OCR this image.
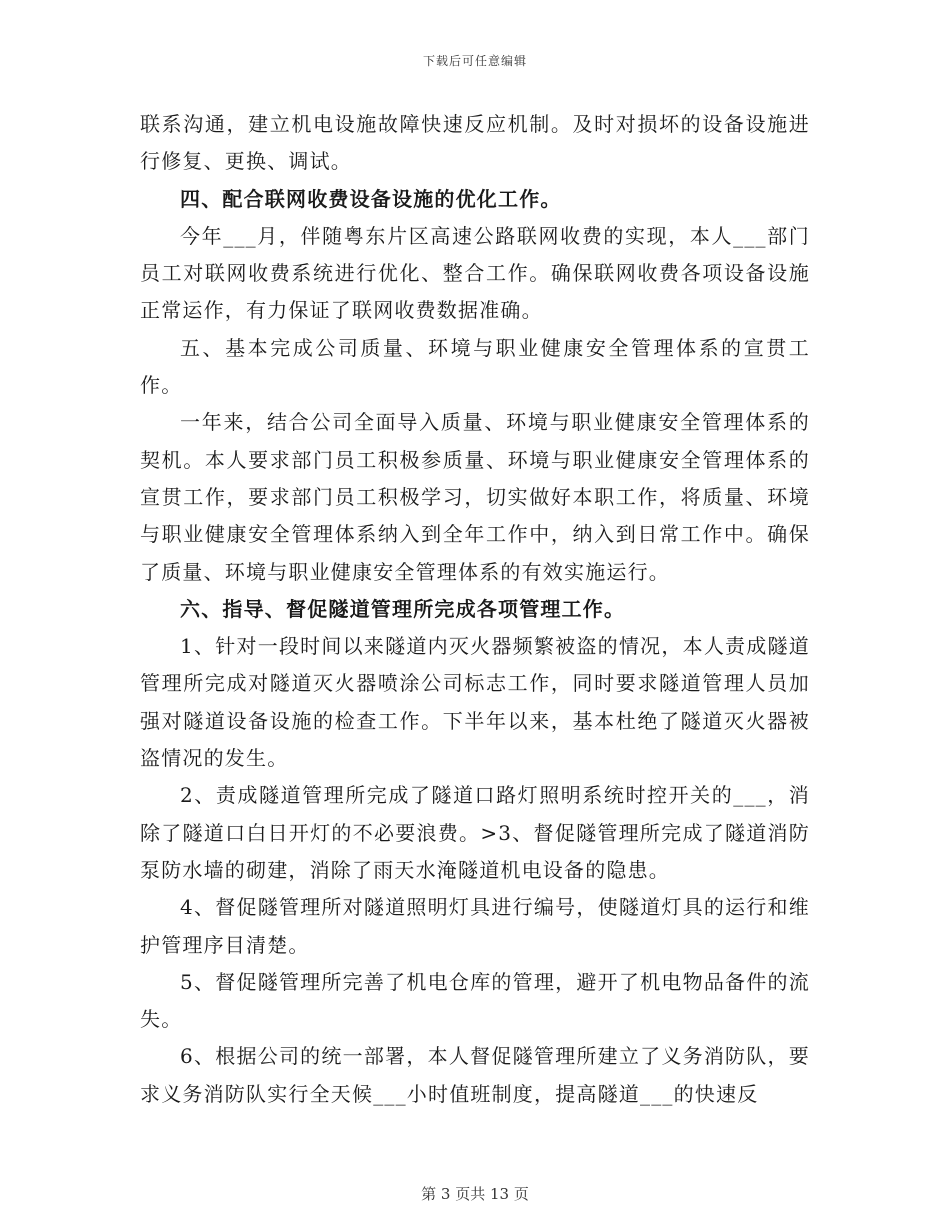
下载后可任意编辑

联系沟通，建立机电设施故障快速反应机制。及时对损坏的设备设施进行修复、更换、调试。

四、配合联网收费设备设施的优化工作。

今年___月，伴随粤东片区高速公路联网收费的实现，本人___部门员工对联网收费系统进行优化、整合工作。确保联网收费各项设备设施正常运作，有力保证了联网收费数据准确。

五、基本完成公司质量、环境与职业健康安全管理体系的宣贯工作。

一年来，结合公司全面导入质量、环境与职业健康安全管理体系的契机。本人要求部门员工积极参质量、环境与职业健康安全管理体系的宣贯工作，要求部门员工积极学习，切实做好本职工作，将质量、环境与职业健康安全管理体系纳入到全年工作中，纳入到日常工作中。确保了质量、环境与职业健康安全管理体系的有效实施运行。

六、指导、督促隧道管理所完成各项管理工作。

1、针对一段时间以来隧道内灭火器频繁被盗的情况，本人责成隧道管理所完成对隧道灭火器喷涂公司标志工作，同时要求隧道管理人员加强对隧道设备设施的检查工作。下半年以来，基本杜绝了隧道灭火器被盗情况的发生。

2、责成隧道管理所完成了隧道口路灯照明系统时控开关的___，消除了隧道口白日开灯的不必要浪费。>3、督促隧管理所完成了隧道消防泵防水墙的砌建，消除了雨天水淹隧道机电设备的隐患。

4、督促隧管理所对隧道照明灯具进行编号，使隧道灯具的运行和维护管理序目清楚。

5、督促隧管理所完善了机电仓库的管理，避开了机电物品备件的流失。

6、根据公司的统一部署，本人督促隧管理所建立了义务消防队，要求义务消防队实行全天候___小时值班制度，提高隧道___的快速反

第 3 页共 13 页
